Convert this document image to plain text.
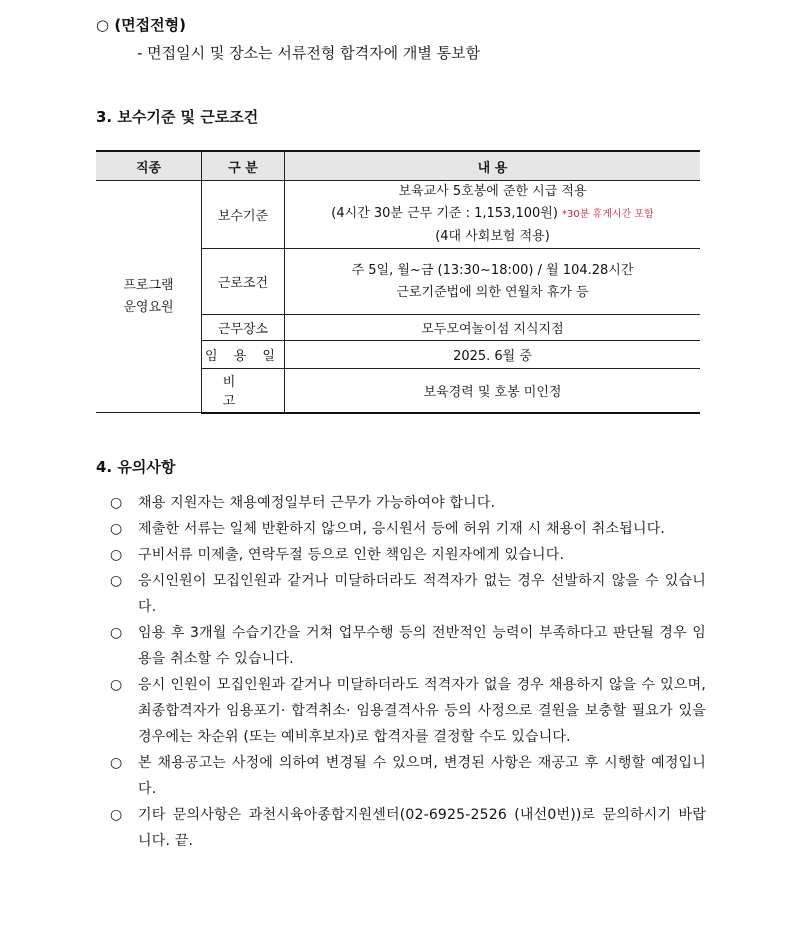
○ (면접전형)
- 면접일시 및 장소는 서류전형 합격자에 개별 통보함
3. 보수기준 및 근로조건
직종	구 분	내 용

프로그램
운영요원	보수기준	보육교사 5호봉에 준한 시급 적용
(4시간 30분 근무 기준 : 1,153,100원) *30분 휴게시간 포함
(4대 사회보험 적용)

	근로조건	주 5일, 월~금 (13:30~18:00) / 월 104.28시간
근로기준법에 의한 연월차 휴가 등

	근무장소	모두모여놀이섬 지식지점
	임 용 일	2025. 6월 중
	비 고	보육경력 및 호봉 미인정
4. 유의사항
○ 채용 지원자는 채용예정일부터 근무가 가능하여야 합니다.
○ 제출한 서류는 일체 반환하지 않으며, 응시원서 등에 허위 기재 시 채용이 취소됩니다.
○ 구비서류 미제출, 연락두절 등으로 인한 책임은 지원자에게 있습니다.
○ 응시인원이 모집인원과 같거나 미달하더라도 적격자가 없는 경우 선발하지 않을 수 있습니다.
○ 임용 후 3개월 수습기간을 거쳐 업무수행 등의 전반적인 능력이 부족하다고 판단될 경우 임용을 취소할 수 있습니다.
○ 응시 인원이 모집인원과 같거나 미달하더라도 적격자가 없을 경우 채용하지 않을 수 있으며, 최종합격자가 임용포기· 합격취소· 임용결격사유 등의 사정으로 결원을 보충할 필요가 있을 경우에는 차순위 (또는 예비후보자)로 합격자를 결정할 수도 있습니다.
○ 본 채용공고는 사정에 의하여 변경될 수 있으며, 변경된 사항은 재공고 후 시행할 예정입니다.
○ 기타 문의사항은 과천시육아종합지원센터(02-6925-2526 (내선0번))로 문의하시기 바랍니다. 끝.
